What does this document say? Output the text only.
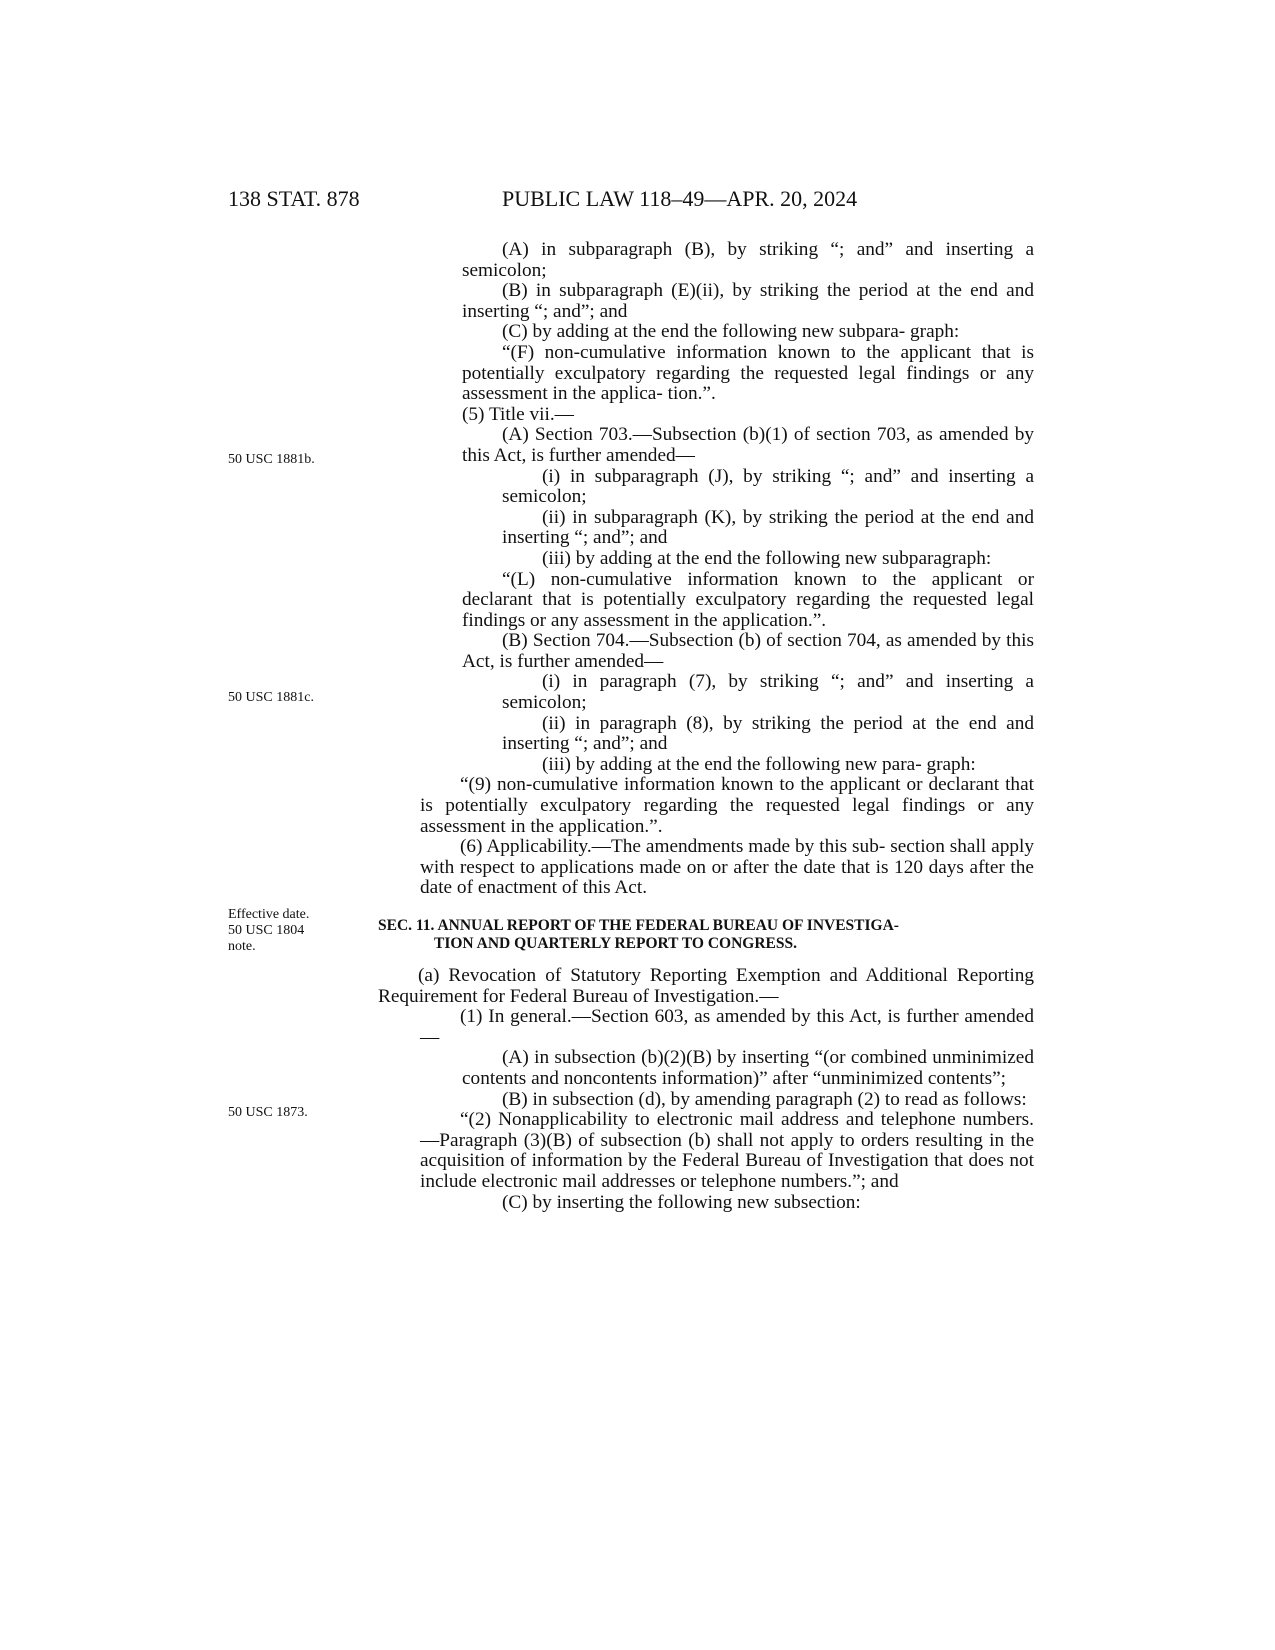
138 STAT. 878	PUBLIC LAW 118–49—APR. 20, 2024
50 USC 1881b.
50 USC 1881c.
Effective date.
50 USC 1804
note.
50 USC 1873.

(A) in subparagraph (B), by striking “; and” and inserting a semicolon;

(B) in subparagraph (E)(ii), by striking the period at the end and inserting “; and”; and

(C) by adding at the end the following new subpara- graph:

“(F) non-cumulative information known to the applicant that is potentially exculpatory regarding the requested legal findings or any assessment in the applica- tion.”.

(5) Title vii.—

(A) Section 703.—Subsection (b)(1) of section 703, as amended by this Act, is further amended—

(i) in subparagraph (J), by striking “; and” and inserting a semicolon;

(ii) in subparagraph (K), by striking the period at the end and inserting “; and”; and

(iii) by adding at the end the following new subparagraph:

“(L) non-cumulative information known to the applicant or declarant that is potentially exculpatory regarding the requested legal findings or any assessment in the application.”.

(B) Section 704.—Subsection (b) of section 704, as amended by this Act, is further amended—

(i) in paragraph (7), by striking “; and” and inserting a semicolon;

(ii) in paragraph (8), by striking the period at the end and inserting “; and”; and

(iii) by adding at the end the following new para- graph:

“(9) non-cumulative information known to the applicant or declarant that is potentially exculpatory regarding the requested legal findings or any assessment in the application.”.

(6) Applicability.—The amendments made by this sub- section shall apply with respect to applications made on or after the date that is 120 days after the date of enactment of this Act.

SEC. 11. ANNUAL REPORT OF THE FEDERAL BUREAU OF INVESTIGA-
TION AND QUARTERLY REPORT TO CONGRESS.

(a) Revocation of Statutory Reporting Exemption and Additional Reporting Requirement for Federal Bureau of Investigation.—

(1) In general.—Section 603, as amended by this Act, is further amended—

(A) in subsection (b)(2)(B) by inserting “(or combined unminimized contents and noncontents information)” after “unminimized contents”;

(B) in subsection (d), by amending paragraph (2) to read as follows:

“(2) Nonapplicability to electronic mail address and telephone numbers.—Paragraph (3)(B) of subsection (b) shall not apply to orders resulting in the acquisition of information by the Federal Bureau of Investigation that does not include electronic mail addresses or telephone numbers.”; and

(C) by inserting the following new subsection:
